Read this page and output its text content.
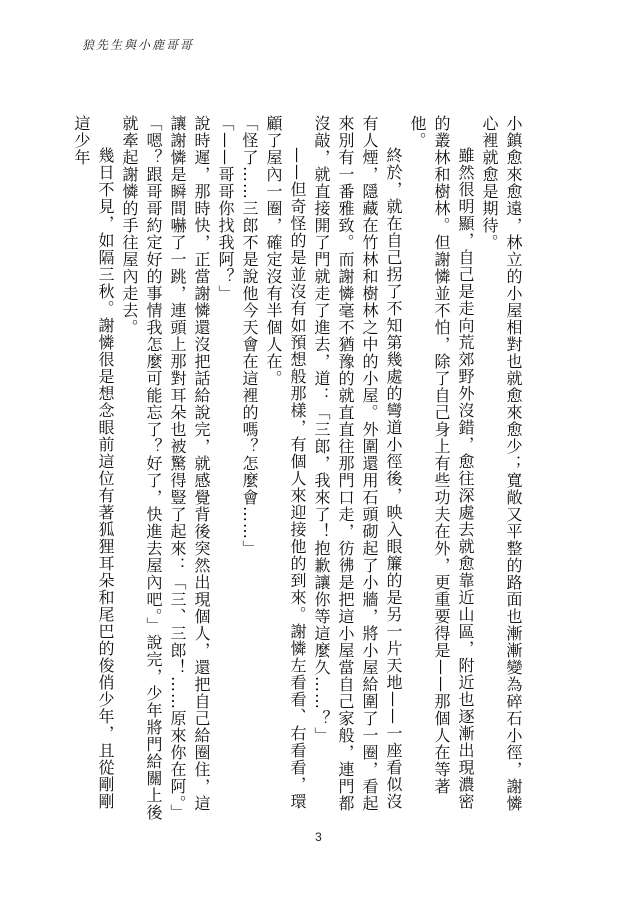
狼先生與小鹿哥哥

小鎮愈來愈遠，林立的小屋相對也就愈來愈少；寬敞又平整的路面也漸漸變為碎石小徑，謝憐心裡就愈是期待。

雖然很明顯，自己是走向荒郊野外沒錯，愈往深處去就愈靠近山區，附近也逐漸出現濃密的叢林和樹林。但謝憐並不怕，除了自己身上有些功夫在外，更重要得是——那個人在等著他。

終於，就在自己拐了不知第幾處的彎道小徑後，映入眼簾的是另一片天地——一座看似沒有人煙，隱藏在竹林和樹林之中的小屋。外圍還用石頭砌起了小牆，將小屋給圍了一圈，看起來別有一番雅致。而謝憐毫不猶豫的就直直往那門口走，彷彿是把這小屋當自己家般，連門都沒敲，就直接開了門就走了進去，道：「三郎，我來了！抱歉讓你等這麼久……？」

——但奇怪的是並沒有如預想般那樣，有個人來迎接他的到來。謝憐左看看、右看看，環顧了屋內一圈，確定沒有半個人在。

「怪了……三郎不是說他今天會在這裡的嗎？怎麼會……」

「——哥哥你找我阿？」

說時遲，那時快，正當謝憐還沒把話給說完，就感覺背後突然出現個人，還把自己給圈住，這讓謝憐是瞬間嚇了一跳，連頭上那對耳朵也被驚得豎了起來：「三、三郎！……原來你在阿。」

「嗯？跟哥哥約定好的事情我怎麼可能忘了？好了，快進去屋內吧。」說完，少年將門給關上後就牽起謝憐的手往屋內走去。

幾日不見，如隔三秋。謝憐很是想念眼前這位有著狐狸耳朵和尾巴的俊俏少年，且從剛剛這少年

3
